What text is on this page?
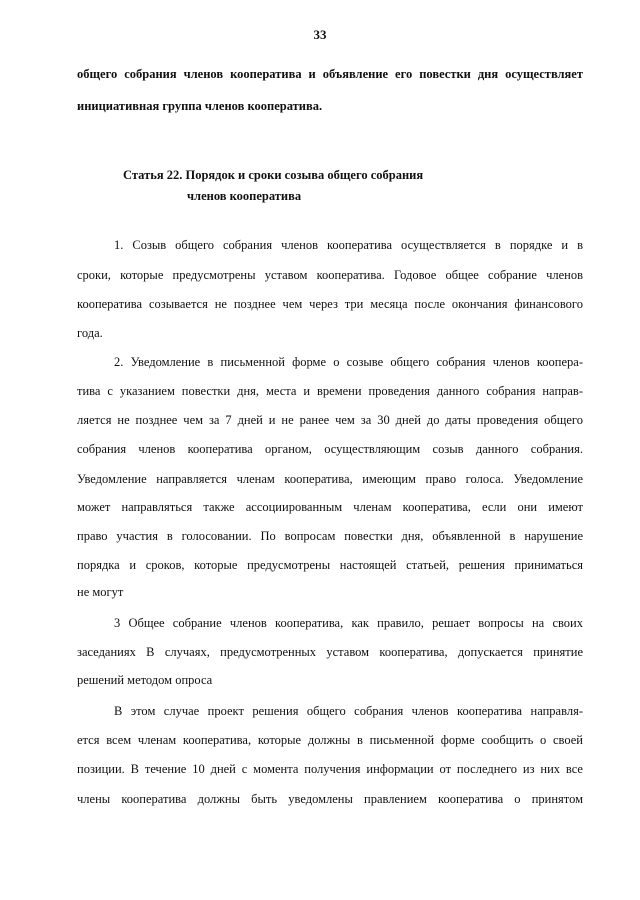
33
общего собрания членов кооператива и объявление его повестки дня осуществляет
инициативная группа членов кооператива.
Статья 22. Порядок и сроки созыва общего собрания
членов кооператива
1. Созыв общего собрания членов кооператива осуществляется в порядке и в
сроки, которые предусмотрены уставом кооператива. Годовое общее собрание членов
кооператива созывается не позднее чем через три месяца после окончания финансового
года.
2. Уведомление в письменной форме о созыве общего собрания членов коопера-
тива с указанием повестки дня, места и времени проведения данного собрания направ-
ляется не позднее чем за 7 дней и не ранее чем за 30 дней до даты проведения общего
собрания членов кооператива органом, осуществляющим созыв данного собрания.
Уведомление направляется членам кооператива, имеющим право голоса. Уведомление
может направляться также ассоциированным членам кооператива, если они имеют
право участия в голосовании. По вопросам повестки дня, объявленной в нарушение
порядка и сроков, которые предусмотрены настоящей статьей, решения приниматься
не могут
3 Общее собрание членов кооператива, как правило, решает вопросы на своих
заседаниях В случаях, предусмотренных уставом кооператива, допускается принятие
решений методом опроса
В этом случае проект решения общего собрания членов кооператива направля-
ется всем членам кооператива, которые должны в письменной форме сообщить о своей
позиции. В течение 10 дней с момента получения информации от последнего из них все
члены кооператива должны быть уведомлены правлением кооператива о принятом
